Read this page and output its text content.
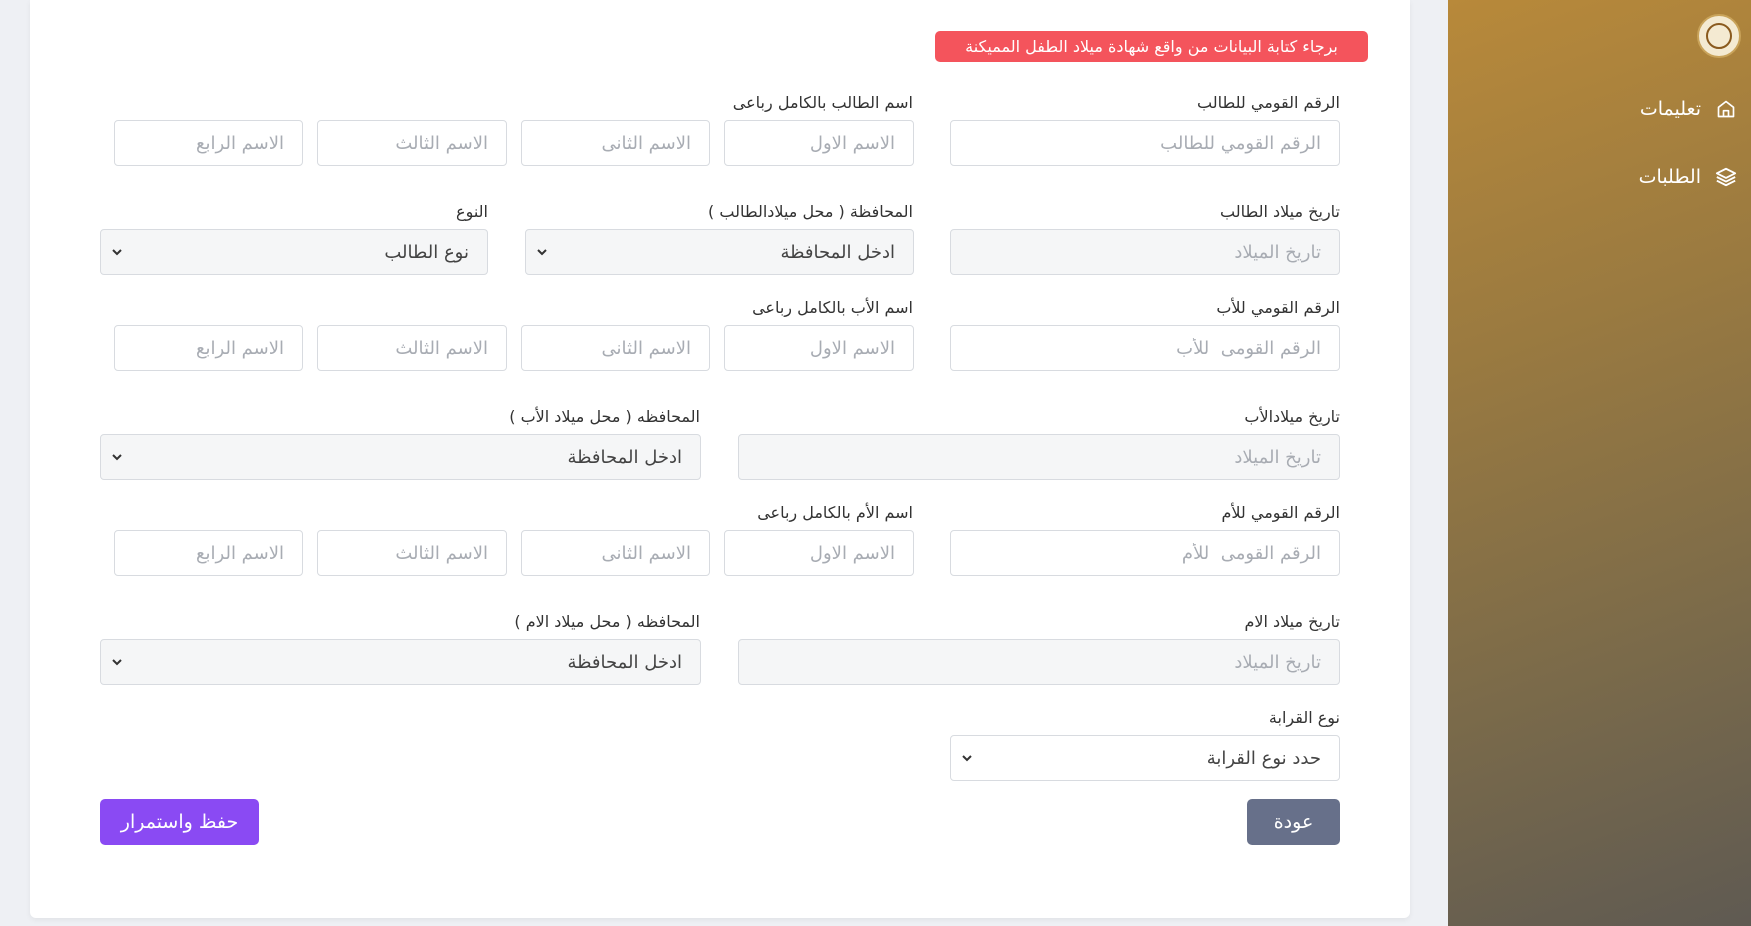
تعليمات
الطلبات
برجاء كتابة البيانات من واقع شهادة ميلاد الطفل المميكنة
الرقم القومي للطالب
الرقم القومي للطالب
اسم الطالب بالكامل رباعى
الاسم الاول
الاسم الثانى
الاسم الثالث
الاسم الرابع
تاريخ ميلاد الطالب
تاريخ الميلاد
المحافظة ( محل ميلادالطالب )
ادخل المحافظة
النوع
نوع الطالب
الرقم القومي للأب
الرقم القومى للأب
اسم الأب بالكامل رباعى
الاسم الاول
الاسم الثانى
الاسم الثالث
الاسم الرابع
تاريخ ميلادالأب
تاريخ الميلاد
المحافظه ( محل ميلاد الأب )
ادخل المحافظة
الرقم القومي للأم
الرقم القومى للأم
اسم الأم بالكامل رباعى
الاسم الاول
الاسم الثانى
الاسم الثالث
الاسم الرابع
تاريخ ميلاد الام
تاريخ الميلاد
المحافظه ( محل ميلاد الام )
ادخل المحافظة
نوع القرابة
حدد نوع القرابة
عودة
حفظ واستمرار
